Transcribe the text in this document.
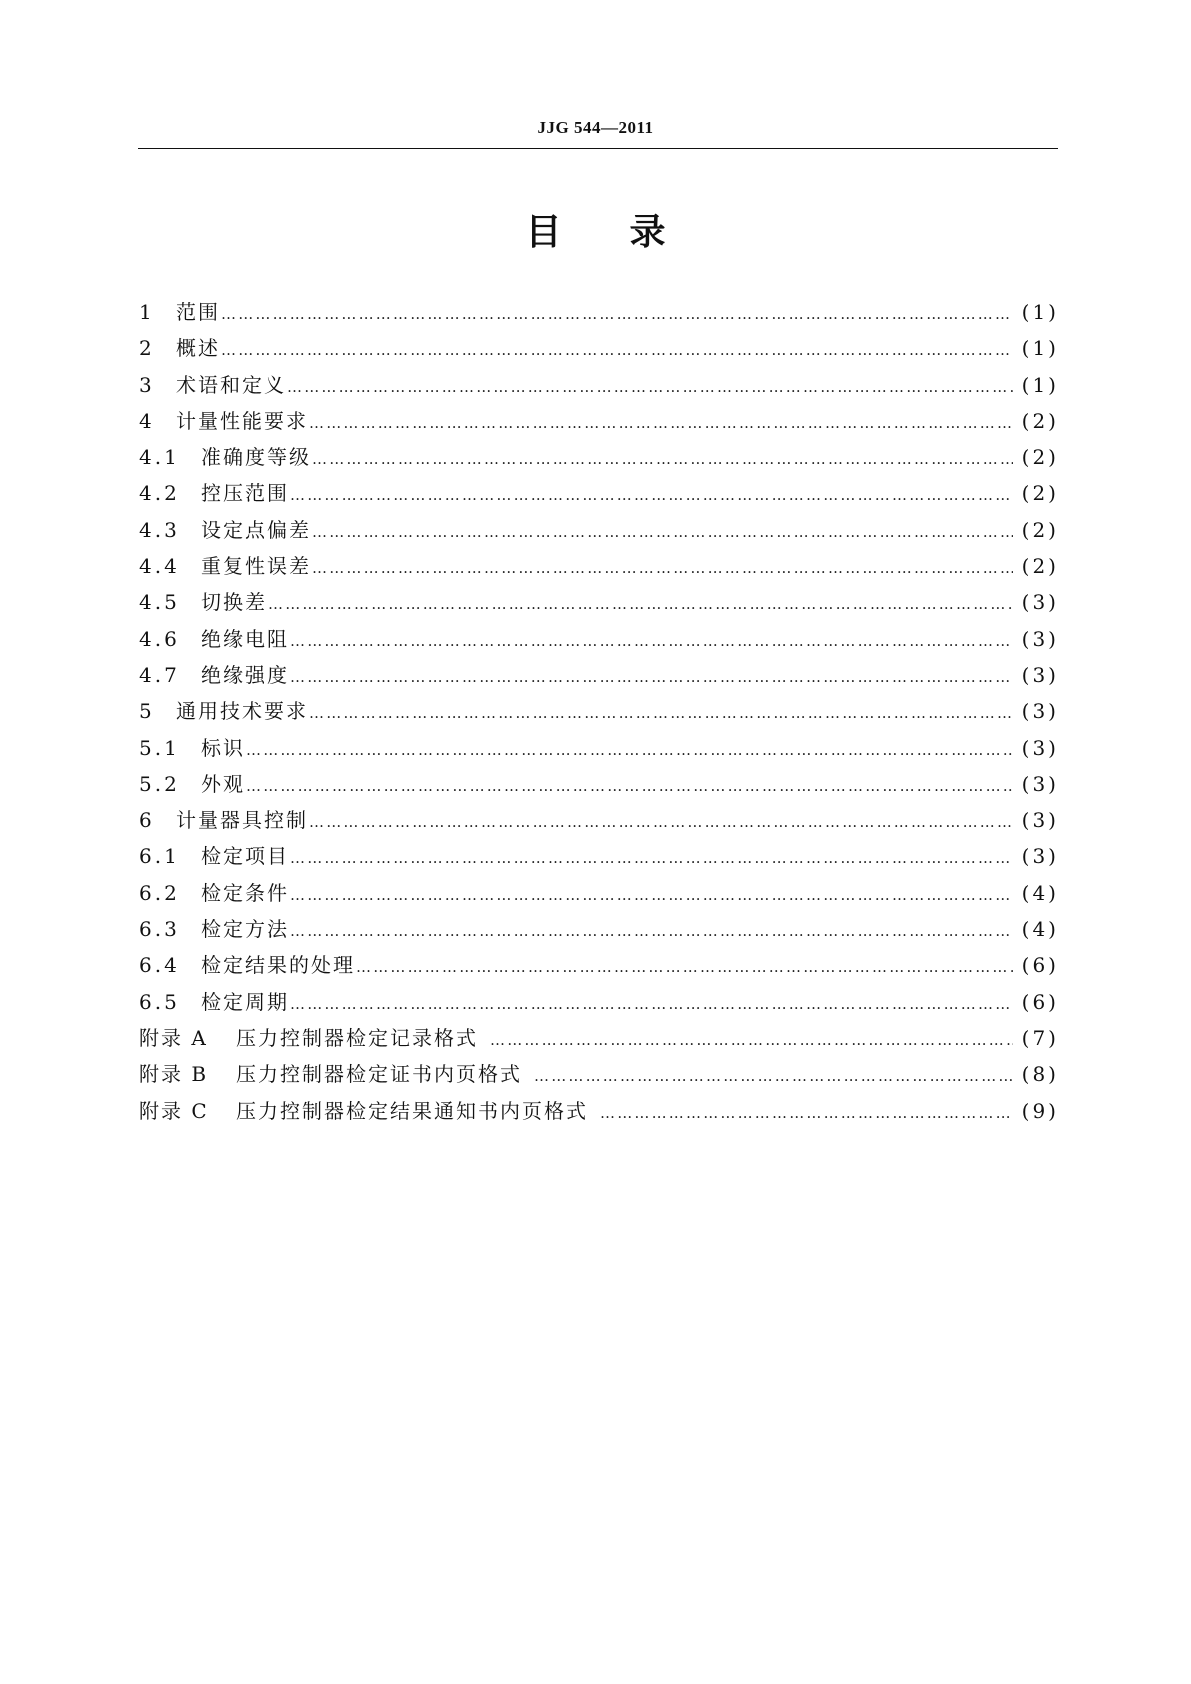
JJG 544—2011
目录
1	范围 ……………………………………………………………………………………………………………………………………………………………………………	(1)
2	概述 ……………………………………………………………………………………………………………………………………………………………………………	(1)
3	术语和定义 ……………………………………………………………………………………………………………………………………………………………………………	(1)
4	计量性能要求 ……………………………………………………………………………………………………………………………………………………………………………	(2)
4.1	准确度等级 ……………………………………………………………………………………………………………………………………………………………………………	(2)
4.2	控压范围 ……………………………………………………………………………………………………………………………………………………………………………	(2)
4.3	设定点偏差 ……………………………………………………………………………………………………………………………………………………………………………	(2)
4.4	重复性误差 ……………………………………………………………………………………………………………………………………………………………………………	(2)
4.5	切换差 ……………………………………………………………………………………………………………………………………………………………………………	(3)
4.6	绝缘电阻 ……………………………………………………………………………………………………………………………………………………………………………	(3)
4.7	绝缘强度 ……………………………………………………………………………………………………………………………………………………………………………	(3)
5	通用技术要求 ……………………………………………………………………………………………………………………………………………………………………………	(3)
5.1	标识 ……………………………………………………………………………………………………………………………………………………………………………	(3)
5.2	外观 ……………………………………………………………………………………………………………………………………………………………………………	(3)
6	计量器具控制 ……………………………………………………………………………………………………………………………………………………………………………	(3)
6.1	检定项目 ……………………………………………………………………………………………………………………………………………………………………………	(3)
6.2	检定条件 ……………………………………………………………………………………………………………………………………………………………………………	(4)
6.3	检定方法 ……………………………………………………………………………………………………………………………………………………………………………	(4)
6.4	检定结果的处理 ……………………………………………………………………………………………………………………………………………………………………………	(6)
6.5	检定周期 ……………………………………………………………………………………………………………………………………………………………………………	(6)
附录 A	压力控制器检定记录格式 ……………………………………………………………………………………………………………………………………………………………………………	(7)
附录 B	压力控制器检定证书内页格式 ……………………………………………………………………………………………………………………………………………………………………………	(8)
附录 C	压力控制器检定结果通知书内页格式 ……………………………………………………………………………………………………………………………………………………………………………	(9)
